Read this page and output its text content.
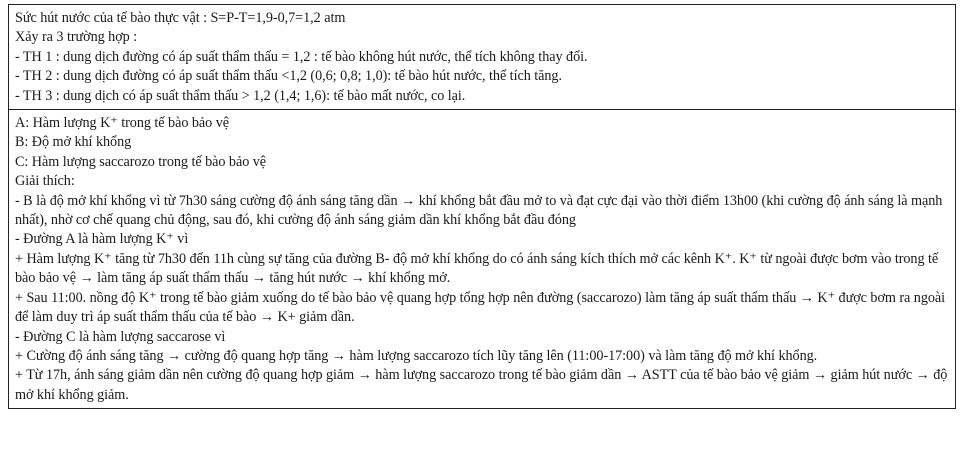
Sức hút nước của tế bào thực vật : S=P-T=1,9-0,7=1,2 atm
Xảy ra 3 trường hợp :
- TH 1 : dung dịch đường có áp suất thẩm thấu = 1,2 : tế bào không hút nước, thể tích không thay đổi.
- TH 2 : dung dịch đường có áp suất thẩm thấu <1,2 (0,6; 0,8; 1,0): tế bào hút nước, thể tích tăng.
- TH 3 : dung dịch có áp suất thẩm thấu > 1,2 (1,4; 1,6): tế bào mất nước, co lại.
A: Hàm lượng K⁺ trong tế bào bảo vệ
B: Độ mở khí khổng
C: Hàm lượng saccarozo trong tế bào bảo vệ
Giải thích:
- B là độ mở khí khổng vì từ 7h30 sáng cường độ ánh sáng tăng dần → khí khổng bắt đầu mở to và đạt cực đại vào thời điểm 13h00 (khi cường độ ánh sáng là mạnh nhất), nhờ cơ chế quang chủ động, sau đó, khi cường độ ánh sáng giảm dần khí khổng bắt đầu đóng
- Đường A là hàm lượng K⁺ vì
+ Hàm lượng K⁺ tăng từ 7h30 đến 11h cùng sự tăng của đường B- độ mở khí khổng do có ánh sáng kích thích mở các kênh K⁺. K⁺ từ ngoài được bơm vào trong tế bào bảo vệ → làm tăng áp suất thẩm thấu → tăng hút nước → khí khổng mở.
+ Sau 11:00. nồng độ K⁺ trong tế bào giảm xuống do tế bào bảo vệ quang hợp tổng hợp nên đường (saccarozo) làm tăng áp suất thẩm thấu → K⁺ được bơm ra ngoài để làm duy trì áp suất thẩm thấu của tế bào → K+ giảm dần.
- Đường C là hàm lượng saccarose vì
+ Cường độ ánh sáng tăng → cường độ quang hợp tăng → hàm lượng saccarozo tích lũy tăng lên (11:00-17:00) và làm tăng độ mở khí khổng.
+ Từ 17h, ánh sáng giảm dần nên cường độ quang hợp giảm → hàm lượng saccarozo trong tế bào giảm dần → ASTT của tế bào bảo vệ giảm → giảm hút nước → độ mở khí khổng giảm.
